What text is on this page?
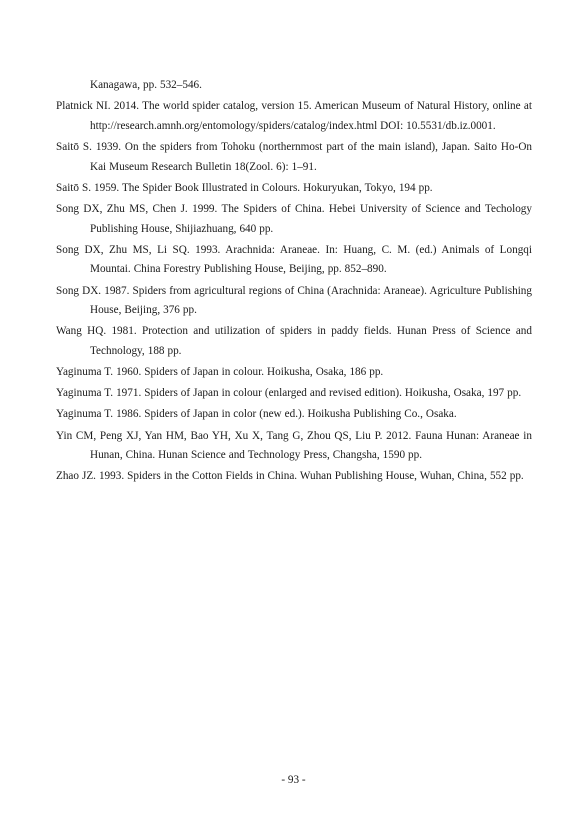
Kanagawa, pp. 532–546.
Platnick NI. 2014. The world spider catalog, version 15. American Museum of Natural History, online at http://research.amnh.org/entomology/spiders/catalog/index.html DOI: 10.5531/db.iz.0001.
Saitō S. 1939. On the spiders from Tohoku (northernmost part of the main island), Japan. Saito Ho-On Kai Museum Research Bulletin 18(Zool. 6): 1–91.
Saitō S. 1959. The Spider Book Illustrated in Colours. Hokuryukan, Tokyo, 194 pp.
Song DX, Zhu MS, Chen J. 1999. The Spiders of China. Hebei University of Science and Techology Publishing House, Shijiazhuang, 640 pp.
Song DX, Zhu MS, Li SQ. 1993. Arachnida: Araneae. In: Huang, C. M. (ed.) Animals of Longqi Mountai. China Forestry Publishing House, Beijing, pp. 852–890.
Song DX. 1987. Spiders from agricultural regions of China (Arachnida: Araneae). Agriculture Publishing House, Beijing, 376 pp.
Wang HQ. 1981. Protection and utilization of spiders in paddy fields. Hunan Press of Science and Technology, 188 pp.
Yaginuma T. 1960. Spiders of Japan in colour. Hoikusha, Osaka, 186 pp.
Yaginuma T. 1971. Spiders of Japan in colour (enlarged and revised edition). Hoikusha, Osaka, 197 pp.
Yaginuma T. 1986. Spiders of Japan in color (new ed.). Hoikusha Publishing Co., Osaka.
Yin CM, Peng XJ, Yan HM, Bao YH, Xu X, Tang G, Zhou QS, Liu P. 2012. Fauna Hunan: Araneae in Hunan, China. Hunan Science and Technology Press, Changsha, 1590 pp.
Zhao JZ. 1993. Spiders in the Cotton Fields in China. Wuhan Publishing House, Wuhan, China, 552 pp.
- 93 -
